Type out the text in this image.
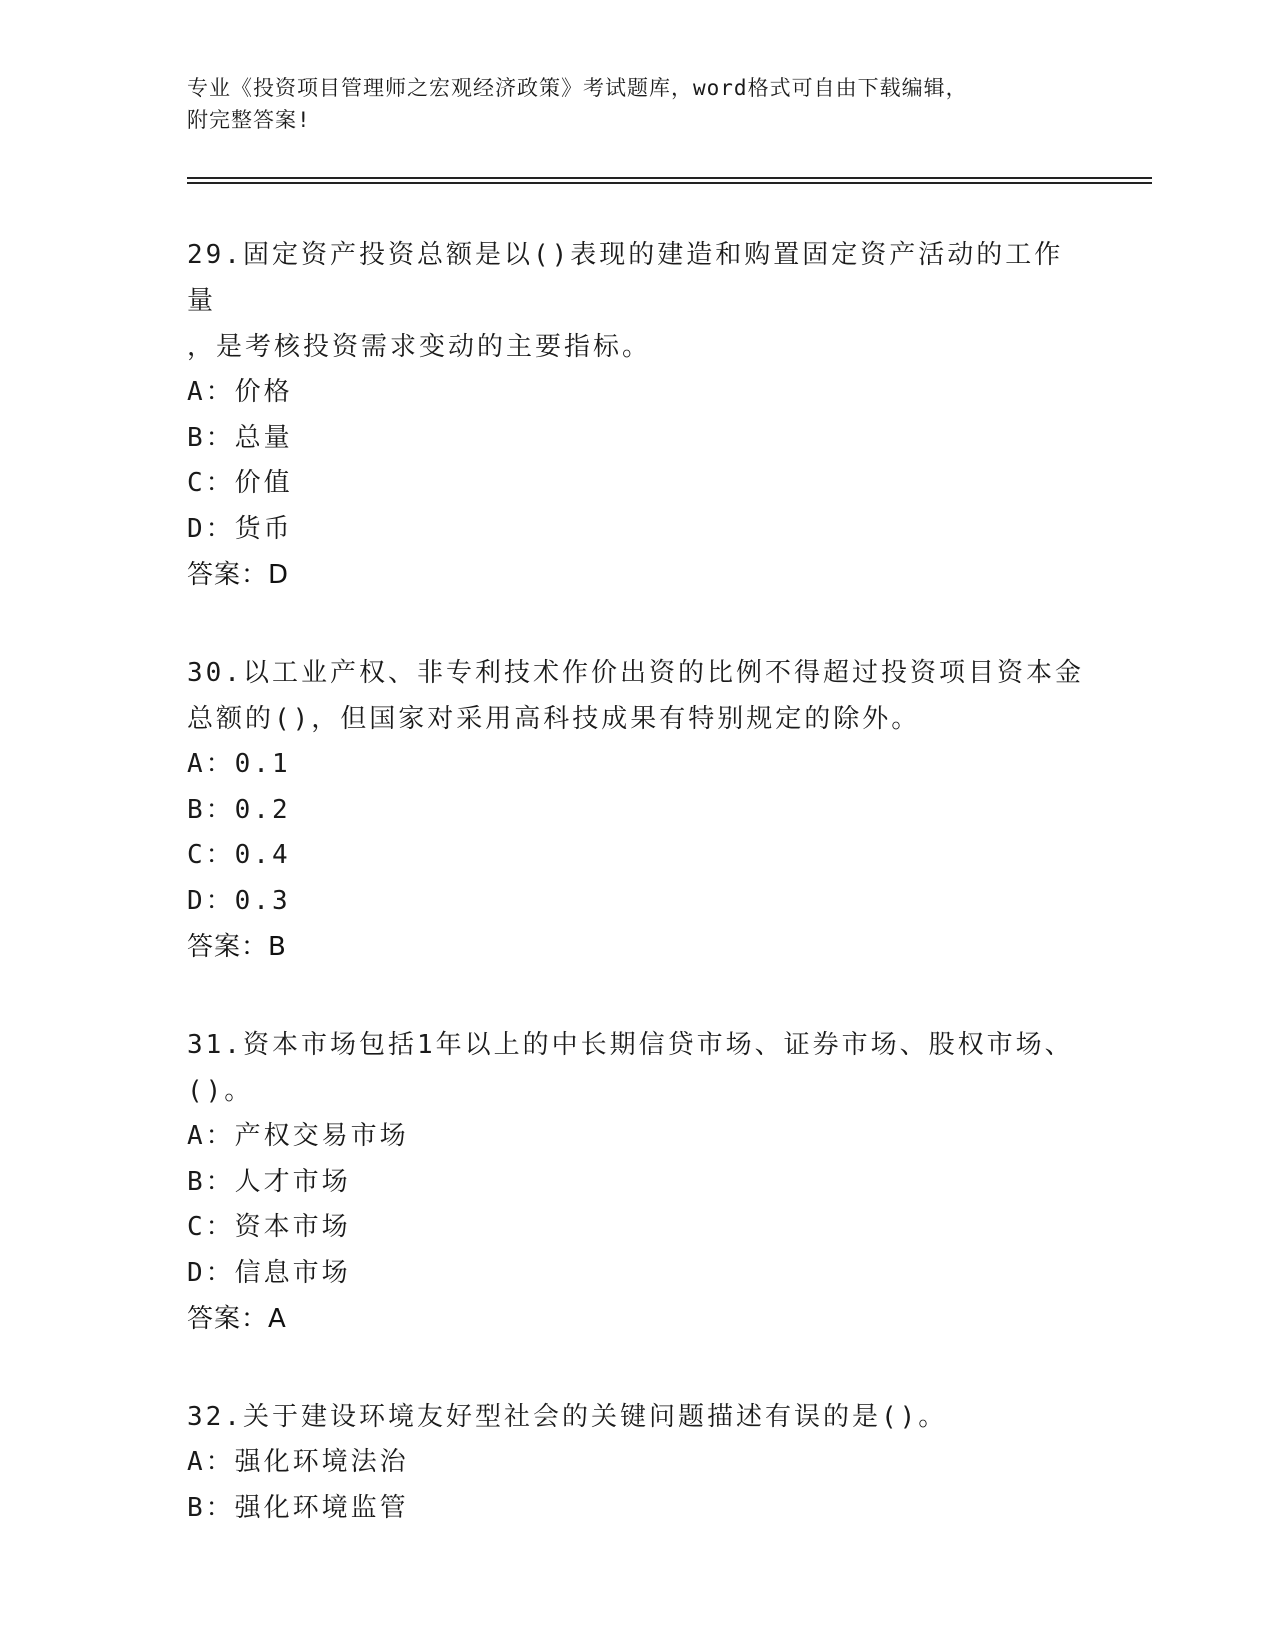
专业《投资项目管理师之宏观经济政策》考试题库，word格式可自由下载编辑，
附完整答案!

29.固定资产投资总额是以()表现的建造和购置固定资产活动的工作量

，是考核投资需求变动的主要指标。

A：价格

B：总量

C：价值

D：货币

答案：D

30.以工业产权、非专利技术作价出资的比例不得超过投资项目资本金

总额的()，但国家对采用高科技成果有特别规定的除外。

A：0.1

B：0.2

C：0.4

D：0.3

答案：B

31.资本市场包括1年以上的中长期信贷市场、证券市场、股权市场、

()。

A：产权交易市场

B：人才市场

C：资本市场

D：信息市场

答案：A

32.关于建设环境友好型社会的关键问题描述有误的是()。

A：强化环境法治

B：强化环境监管
